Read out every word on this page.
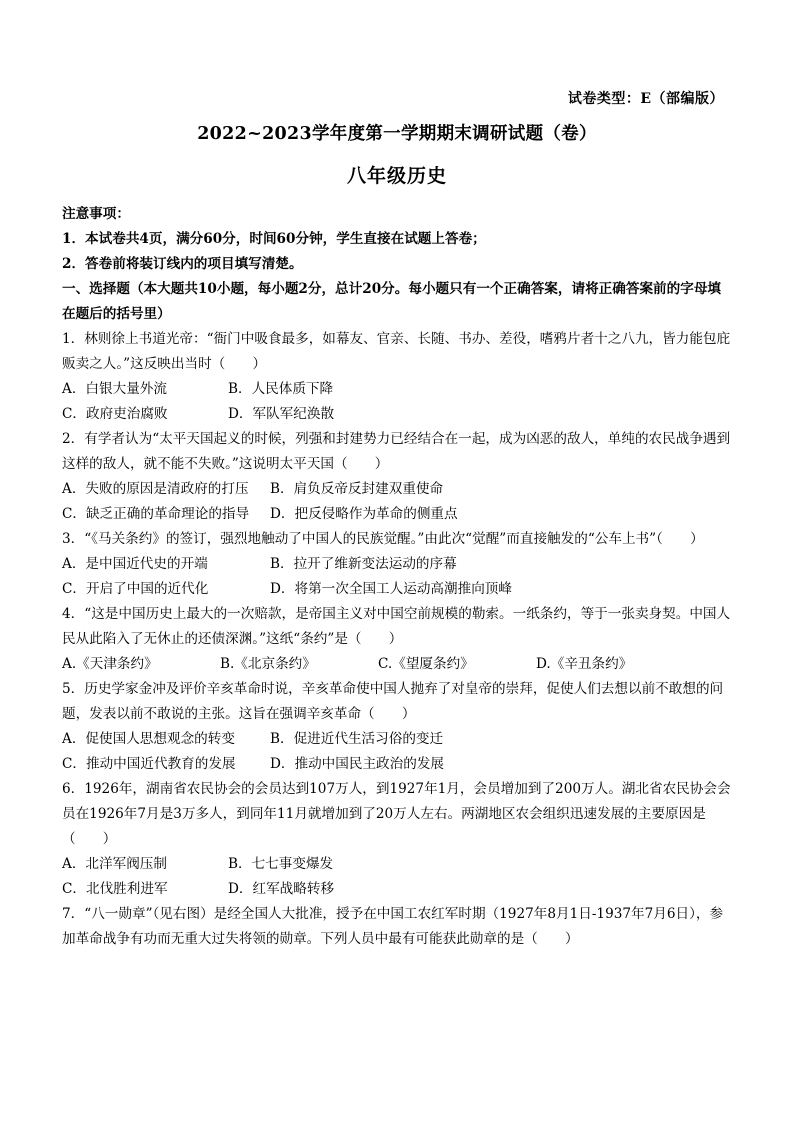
试卷类型：E（部编版）
2022~2023学年度第一学期期末调研试题（卷）
八年级历史
注意事项：
1．本试卷共4页，满分60分，时间60分钟，学生直接在试题上答卷；
2．答卷前将装订线内的项目填写清楚。
一、选择题（本大题共10小题，每小题2分，总计20分。每小题只有一个正确答案，请将正确答案前的字母填在题后的括号里）
1．林则徐上书道光帝：“衙门中吸食最多，如幕友、官亲、长随、书办、差役，嗜鸦片者十之八九，皆力能包庇贩卖之人。”这反映出当时（　　）
A．白银大量外流	B．人民体质下降
C．政府吏治腐败	D．军队军纪涣散
2．有学者认为“太平天国起义的时候，列强和封建势力已经结合在一起，成为凶恶的敌人，单纯的农民战争遇到这样的敌人，就不能不失败。”这说明太平天国（　　）
A．失败的原因是清政府的打压	B．肩负反帝反封建双重使命
C．缺乏正确的革命理论的指导	D．把反侵略作为革命的侧重点
3．“《马关条约》的签订，强烈地触动了中国人的民族觉醒。”由此次“觉醒”而直接触发的“公车上书”（　　）
A．是中国近代史的开端	B．拉开了维新变法运动的序幕
C．开启了中国的近代化	D．将第一次全国工人运动高潮推向顶峰
4．“这是中国历史上最大的一次赔款，是帝国主义对中国空前规模的勒索。一纸条约，等于一张卖身契。中国人民从此陷入了无休止的还债深渊。”这纸“条约”是（　　）
A.《天津条约》	B.《北京条约》	C.《望厦条约》	D.《辛丑条约》
5．历史学家金冲及评价辛亥革命时说，辛亥革命使中国人抛弃了对皇帝的崇拜，促使人们去想以前不敢想的问题，发表以前不敢说的主张。这旨在强调辛亥革命（　　）
A．促使国人思想观念的转变	B．促进近代生活习俗的变迁
C．推动中国近代教育的发展	D．推动中国民主政治的发展
6．1926年，湖南省农民协会的会员达到107万人，到1927年1月，会员增加到了200万人。湖北省农民协会会员在1926年7月是3万多人，到同年11月就增加到了20万人左右。两湖地区农会组织迅速发展的主要原因是（　　）
A．北洋军阀压制	B．七七事变爆发
C．北伐胜利进军	D．红军战略转移
7．“八一勋章”（见右图）是经全国人大批准，授予在中国工农红军时期（1927年8月1日-1937年7月6日），参加革命战争有功而无重大过失将领的勋章。下列人员中最有可能获此勋章的是（　　）
